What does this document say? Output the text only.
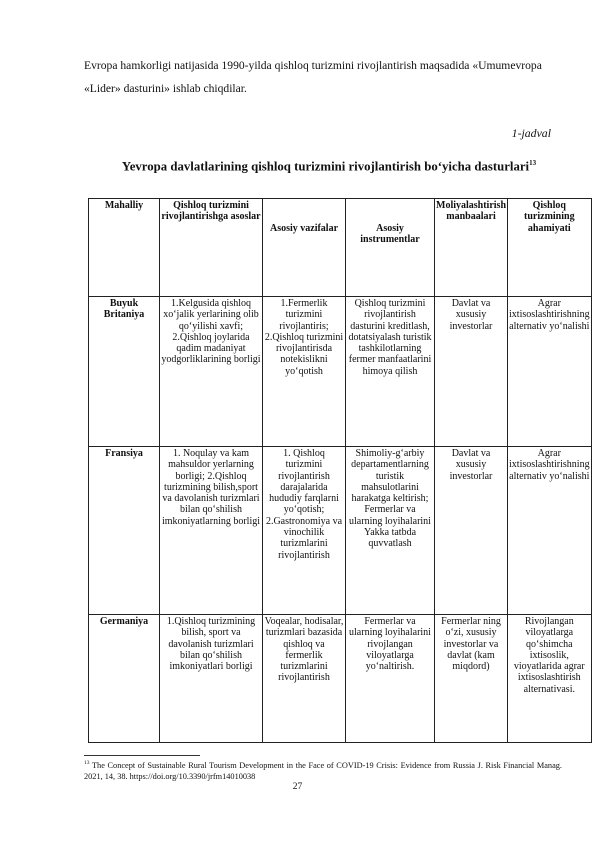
Evropa hamkorligi natijasida 1990-yilda qishloq turizmini rivojlantirish maqsadida «Umumevropa «Lider» dasturini» ishlab chiqdilar.
1-jadval
Yevropa davlatlarining qishloq turizmini rivojlantirish bo‘yicha dasturlari$^{13}$
Mahalliy	Qishloq turizmini rivojlantirishga asoslar	Asosiy vazifalar	Asosiy instrumentlar	Moliyalashtirish manbaalari	Qishloq turizmining ahamiyati
Buyuk Britaniya	1.Kelgusida qishloq xo‘jalik yerlarining olib qo‘yilishi xavfi; 2.Qishloq joylarida qadim madaniyat yodgorliklarining borligi	1.Fermerlik turizmini rivojlantiris; 2.Qishloq turizmini rivojlantirisda notekislikni yo‘qotish	Qishloq turizmini rivojlantirish dasturini kreditlash, dotatsiyalash turistik tashkilotlarning fermer manfaatlarini himoya qilish	Davlat va xususiy investorlar	Agrar ixtisoslashtirishning alternativ yo‘nalishi
Fransiya	1. Noqulay va kam mahsuldor yerlarning borligi; 2.Qishloq turizmining bilish,sport va davolanish turizmlari bilan qo‘shilish imkoniyatlarning borligi	1. Qishloq turizmini rivojlantirish darajalarida hududiy farqlarni yo‘qotish; 2.Gastronomiya va vinochilik turizmlarini rivojlantirish	Shimoliy-g‘arbiy departamentlarning turistik mahsulotlarini harakatga keltirish; Fermerlar va ularning loyihalarini Yakka tatbda quvvatlash	Davlat va xususiy investorlar	Agrar ixtisoslashtirishning alternativ yo‘nalishi
Germaniya	1.Qishloq turizmining bilish, sport va davolanish turizmlari bilan qo‘shilish imkoniyatlari borligi	Voqealar, hodisalar, turizmlari bazasida qishloq va fermerlik turizmlarini rivojlantirish	Fermerlar va ularning loyihalarini rivojlangan viloyatlarga yo‘naltirish.	Fermerlar ning o‘zi, xususiy investorlar va davlat (kam miqdord)	Rivojlangan viloyatlarga qo‘shimcha ixtisoslik, vioyatlarida agrar ixtisoslashtirish alternativasi.
$^{13}$ The Concept of Sustainable Rural Tourism Development in the Face of COVID-19 Crisis: Evidence from Russia J. Risk Financial Manag. 2021, 14, 38. https://doi.org/10.3390/jrfm14010038
27
